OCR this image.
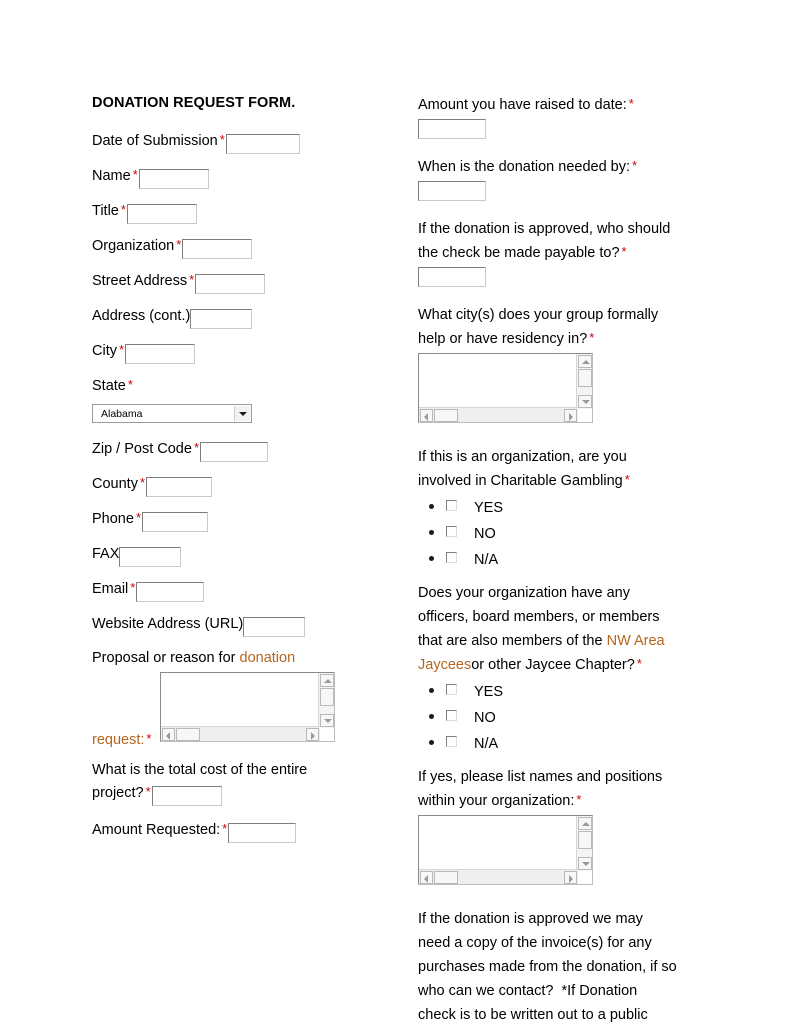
DONATION REQUEST FORM.
Date of Submission *
Name *
Title *
Organization *
Street Address *
Address (cont.)
City *
State *
Alabama
Zip / Post Code *
County *
Phone *
FAX
Email *
Website Address (URL)
Proposal or reason for donation
request: *
What is the total cost of the entire
project? *
Amount Requested: *
Amount you have raised to date: *
When is the donation needed by: *
If the donation is approved, who should
the check be made payable to? *
What city(s) does your group formally
help or have residency in? *
If this is an organization, are you
involved in Charitable Gambling *
YES
NO
N/A
Does your organization have any
officers, board members, or members
that are also members of the NW Area
Jayceesor other Jaycee Chapter? *
YES
NO
N/A
If yes, please list names and positions
within your organization: *
If the donation is approved we may
need a copy of the invoice(s) for any
purchases made from the donation, if so
who can we contact?  *If Donation
check is to be written out to a public
